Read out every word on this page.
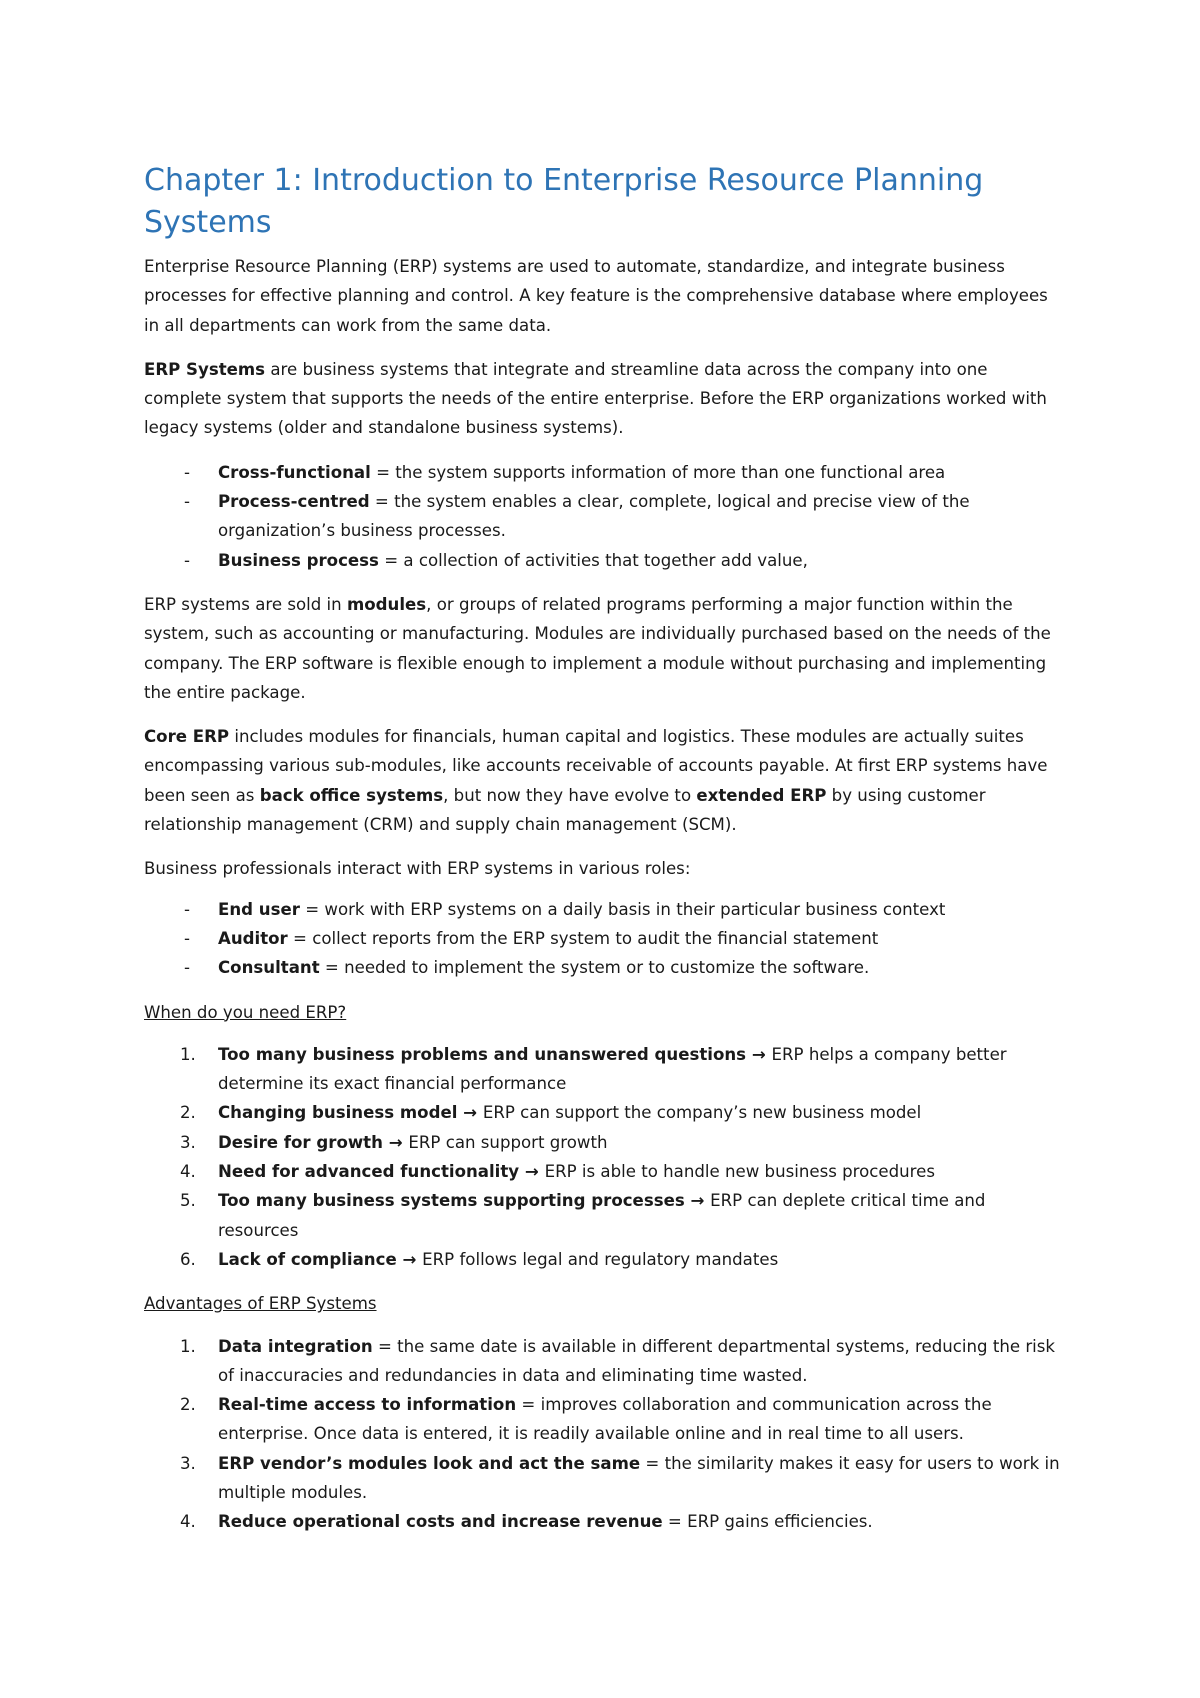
Chapter 1: Introduction to Enterprise Resource Planning Systems

Enterprise Resource Planning (ERP) systems are used to automate, standardize, and integrate business processes for effective planning and control. A key feature is the comprehensive database where employees in all departments can work from the same data.

ERP Systems are business systems that integrate and streamline data across the company into one complete system that supports the needs of the entire enterprise. Before the ERP organizations worked with legacy systems (older and standalone business systems).

- Cross-functional = the system supports information of more than one functional area
- Process-centred = the system enables a clear, complete, logical and precise view of the organization’s business processes.
- Business process = a collection of activities that together add value,

ERP systems are sold in modules, or groups of related programs performing a major function within the system, such as accounting or manufacturing. Modules are individually purchased based on the needs of the company. The ERP software is flexible enough to implement a module without purchasing and implementing the entire package.

Core ERP includes modules for financials, human capital and logistics. These modules are actually suites encompassing various sub-modules, like accounts receivable of accounts payable. At first ERP systems have been seen as back office systems, but now they have evolve to extended ERP by using customer relationship management (CRM) and supply chain management (SCM).

Business professionals interact with ERP systems in various roles:

- End user = work with ERP systems on a daily basis in their particular business context
- Auditor = collect reports from the ERP system to audit the financial statement
- Consultant = needed to implement the system or to customize the software.

When do you need ERP?

1. Too many business problems and unanswered questions → ERP helps a company better determine its exact financial performance
2. Changing business model → ERP can support the company’s new business model
3. Desire for growth → ERP can support growth
4. Need for advanced functionality → ERP is able to handle new business procedures
5. Too many business systems supporting processes → ERP can deplete critical time and resources
6. Lack of compliance → ERP follows legal and regulatory mandates

Advantages of ERP Systems

1. Data integration = the same date is available in different departmental systems, reducing the risk of inaccuracies and redundancies in data and eliminating time wasted.
2. Real-time access to information = improves collaboration and communication across the enterprise. Once data is entered, it is readily available online and in real time to all users.
3. ERP vendor’s modules look and act the same = the similarity makes it easy for users to work in multiple modules.
4. Reduce operational costs and increase revenue = ERP gains efficiencies.
